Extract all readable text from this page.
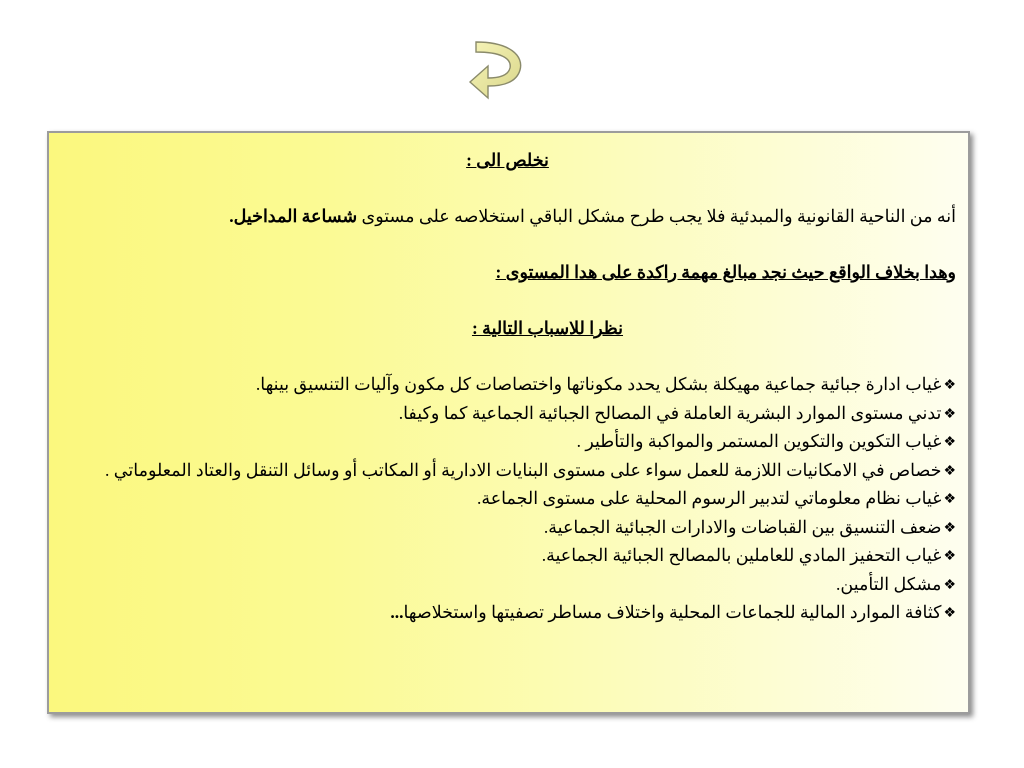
نخلص الى :

أنه من الناحية القانونية والمبدئية فلا يجب طرح مشكل الباقي استخلاصه على مستوى شساعة المداخيل.

وهدا بخلاف الواقع حيث نجد مبالغ مهمة راكدة على هدا المستوى :

نظرا للاسباب التالية :

❖غياب ادارة جبائية جماعية مهيكلة بشكل يحدد مكوناتها واختصاصات كل مكون وآليات التنسيق بينها.
❖تدني مستوى الموارد البشرية العاملة في المصالح الجبائية الجماعية كما وكيفا.
❖غياب التكوين والتكوين المستمر والمواكبة والتأطير .
❖خصاص في الامكانيات اللازمة للعمل سواء على مستوى البنايات الادارية أو المكاتب أو وسائل التنقل والعتاد المعلوماتي .
❖غياب نظام معلوماتي لتدبير الرسوم المحلية على مستوى الجماعة.
❖ضعف التنسيق بين القباضات والادارات الجبائية الجماعية.
❖غياب التحفيز المادي للعاملين بالمصالح الجبائية الجماعية.
❖مشكل التأمين.
❖كثافة الموارد المالية للجماعات المحلية واختلاف مساطر تصفيتها واستخلاصها...
